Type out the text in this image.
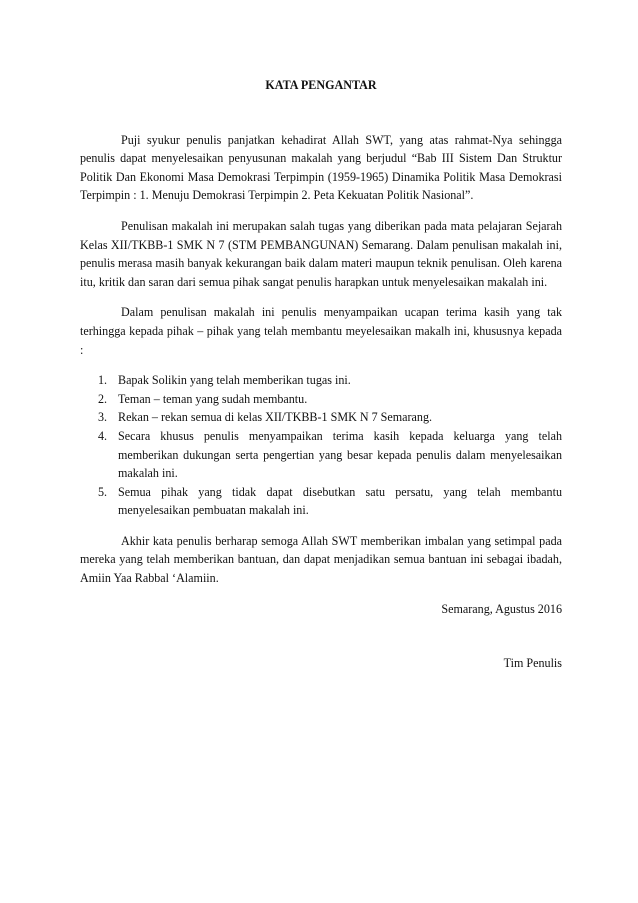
KATA PENGANTAR

Puji syukur penulis panjatkan kehadirat Allah SWT, yang atas rahmat-Nya sehingga penulis dapat menyelesaikan penyusunan makalah yang berjudul “Bab III Sistem Dan Struktur Politik Dan Ekonomi Masa Demokrasi Terpimpin (1959-1965) Dinamika Politik Masa Demokrasi Terpimpin : 1. Menuju Demokrasi Terpimpin 2. Peta Kekuatan Politik Nasional”.

Penulisan makalah ini merupakan salah tugas yang diberikan pada mata pelajaran Sejarah Kelas XII/TKBB-1 SMK N 7 (STM PEMBANGUNAN) Semarang. Dalam penulisan makalah ini, penulis merasa masih banyak kekurangan baik dalam materi maupun teknik penulisan. Oleh karena itu, kritik dan saran dari semua pihak sangat penulis harapkan untuk menyelesaikan makalah ini.

Dalam penulisan makalah ini penulis menyampaikan ucapan terima kasih yang tak terhingga kepada pihak – pihak yang telah membantu meyelesaikan makalh ini, khususnya kepada :

1. Bapak Solikin yang telah memberikan tugas ini.
2. Teman – teman yang sudah membantu.
3. Rekan – rekan semua di kelas XII/TKBB-1 SMK N 7 Semarang.
4. Secara khusus penulis menyampaikan terima kasih kepada keluarga yang telah memberikan dukungan serta pengertian yang besar kepada penulis dalam menyelesaikan makalah ini.
5. Semua pihak yang tidak dapat disebutkan satu persatu, yang telah membantu menyelesaikan pembuatan makalah ini.

Akhir kata penulis berharap semoga Allah SWT memberikan imbalan yang setimpal pada mereka yang telah memberikan bantuan, dan dapat menjadikan semua bantuan ini sebagai ibadah, Amiin Yaa Rabbal ‘Alamiin.

Semarang, Agustus 2016

Tim Penulis
